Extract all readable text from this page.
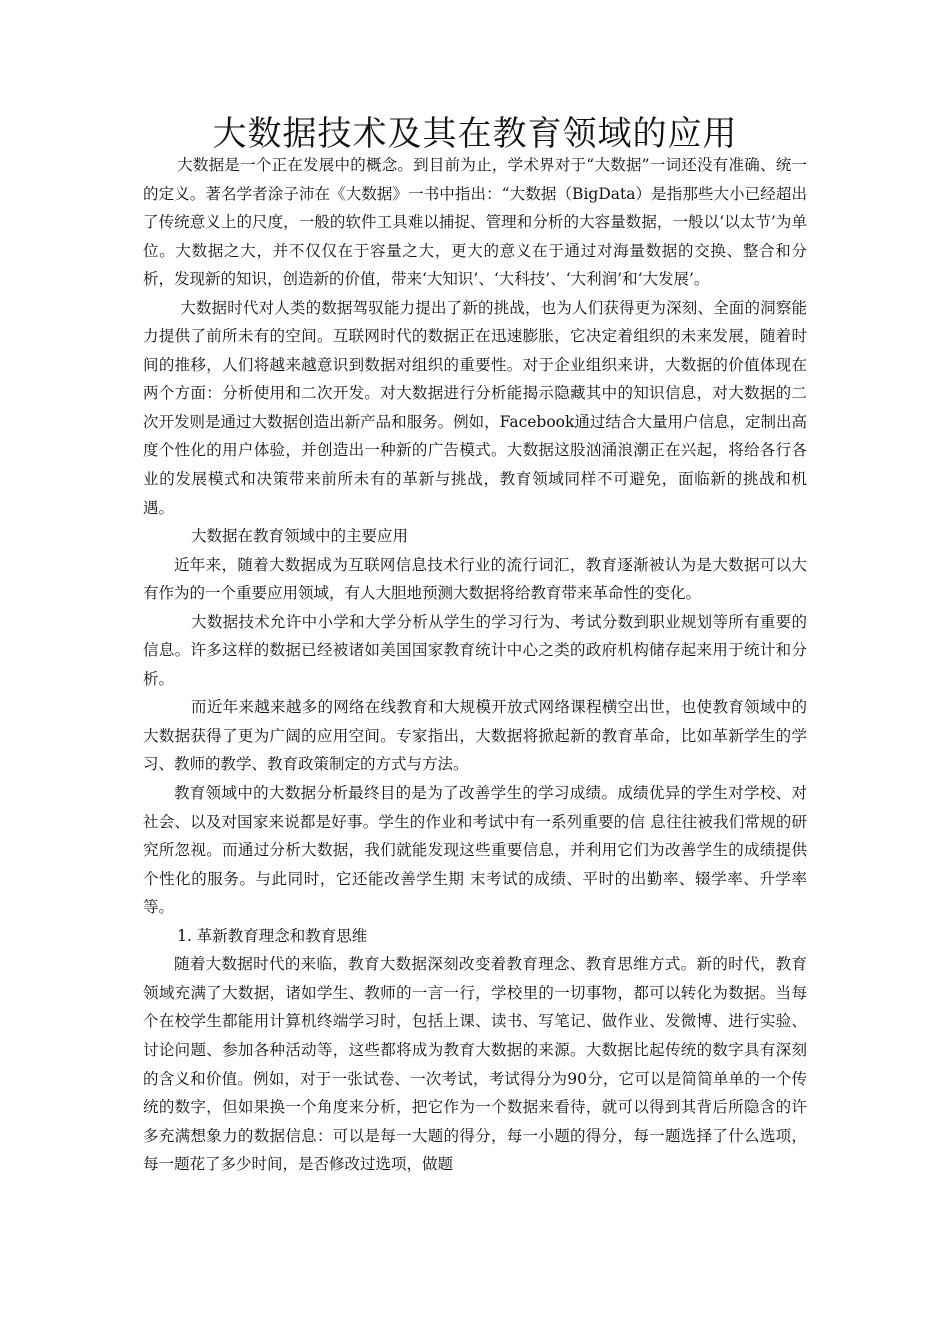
大数据技术及其在教育领域的应用

大数据是一个正在发展中的概念。到目前为止，学术界对于“大数据”一词还没有准确、统一的定义。著名学者涂子沛在《大数据》一书中指出：“大数据（BigData）是指那些大小已经超出了传统意义上的尺度，一般的软件工具难以捕捉、管理和分析的大容量数据，一般以‘以太节’为单位。大数据之大，并不仅仅在于容量之大，更大的意义在于通过对海量数据的交换、整合和分析，发现新的知识，创造新的价值，带来‘大知识’、‘大科技’、‘大利润’和‘大发展’。

大数据时代对人类的数据驾驭能力提出了新的挑战，也为人们获得更为深刻、全面的洞察能力提供了前所未有的空间。互联网时代的数据正在迅速膨胀，它决定着组织的未来发展，随着时间的推移，人们将越来越意识到数据对组织的重要性。对于企业组织来讲，大数据的价值体现在两个方面：分析使用和二次开发。对大数据进行分析能揭示隐藏其中的知识信息，对大数据的二次开发则是通过大数据创造出新产品和服务。例如，Facebook通过结合大量用户信息，定制出高度个性化的用户体验，并创造出一种新的广告模式。大数据这股汹涌浪潮正在兴起，将给各行各业的发展模式和决策带来前所未有的革新与挑战，教育领域同样不可避免，面临新的挑战和机遇。

大数据在教育领域中的主要应用

近年来，随着大数据成为互联网信息技术行业的流行词汇，教育逐渐被认为是大数据可以大有作为的一个重要应用领域，有人大胆地预测大数据将给教育带来革命性的变化。

大数据技术允许中小学和大学分析从学生的学习行为、考试分数到职业规划等所有重要的信息。许多这样的数据已经被诸如美国国家教育统计中心之类的政府机构储存起来用于统计和分析。

而近年来越来越多的网络在线教育和大规模开放式网络课程横空出世，也使教育领域中的大数据获得了更为广阔的应用空间。专家指出，大数据将掀起新的教育革命，比如革新学生的学习、教师的教学、教育政策制定的方式与方法。

教育领域中的大数据分析最终目的是为了改善学生的学习成绩。成绩优异的学生对学校、对社会、以及对国家来说都是好事。学生的作业和考试中有一系列重要的信 息往往被我们常规的研究所忽视。而通过分析大数据，我们就能发现这些重要信息，并利用它们为改善学生的成绩提供个性化的服务。与此同时，它还能改善学生期 末考试的成绩、平时的出勤率、辍学率、升学率等。

1. 革新教育理念和教育思维

随着大数据时代的来临，教育大数据深刻改变着教育理念、教育思维方式。新的时代，教育领域充满了大数据，诸如学生、教师的一言一行，学校里的一切事物，都可以转化为数据。当每个在校学生都能用计算机终端学习时，包括上课、读书、写笔记、做作业、发微博、进行实验、讨论问题、参加各种活动等，这些都将成为教育大数据的来源。大数据比起传统的数字具有深刻的含义和价值。例如，对于一张试卷、一次考试，考试得分为90分，它可以是简简单单的一个传统的数字，但如果换一个角度来分析，把它作为一个数据来看待，就可以得到其背后所隐含的许多充满想象力的数据信息：可以是每一大题的得分，每一小题的得分，每一题选择了什么选项，每一题花了多少时间，是否修改过选项，做题
